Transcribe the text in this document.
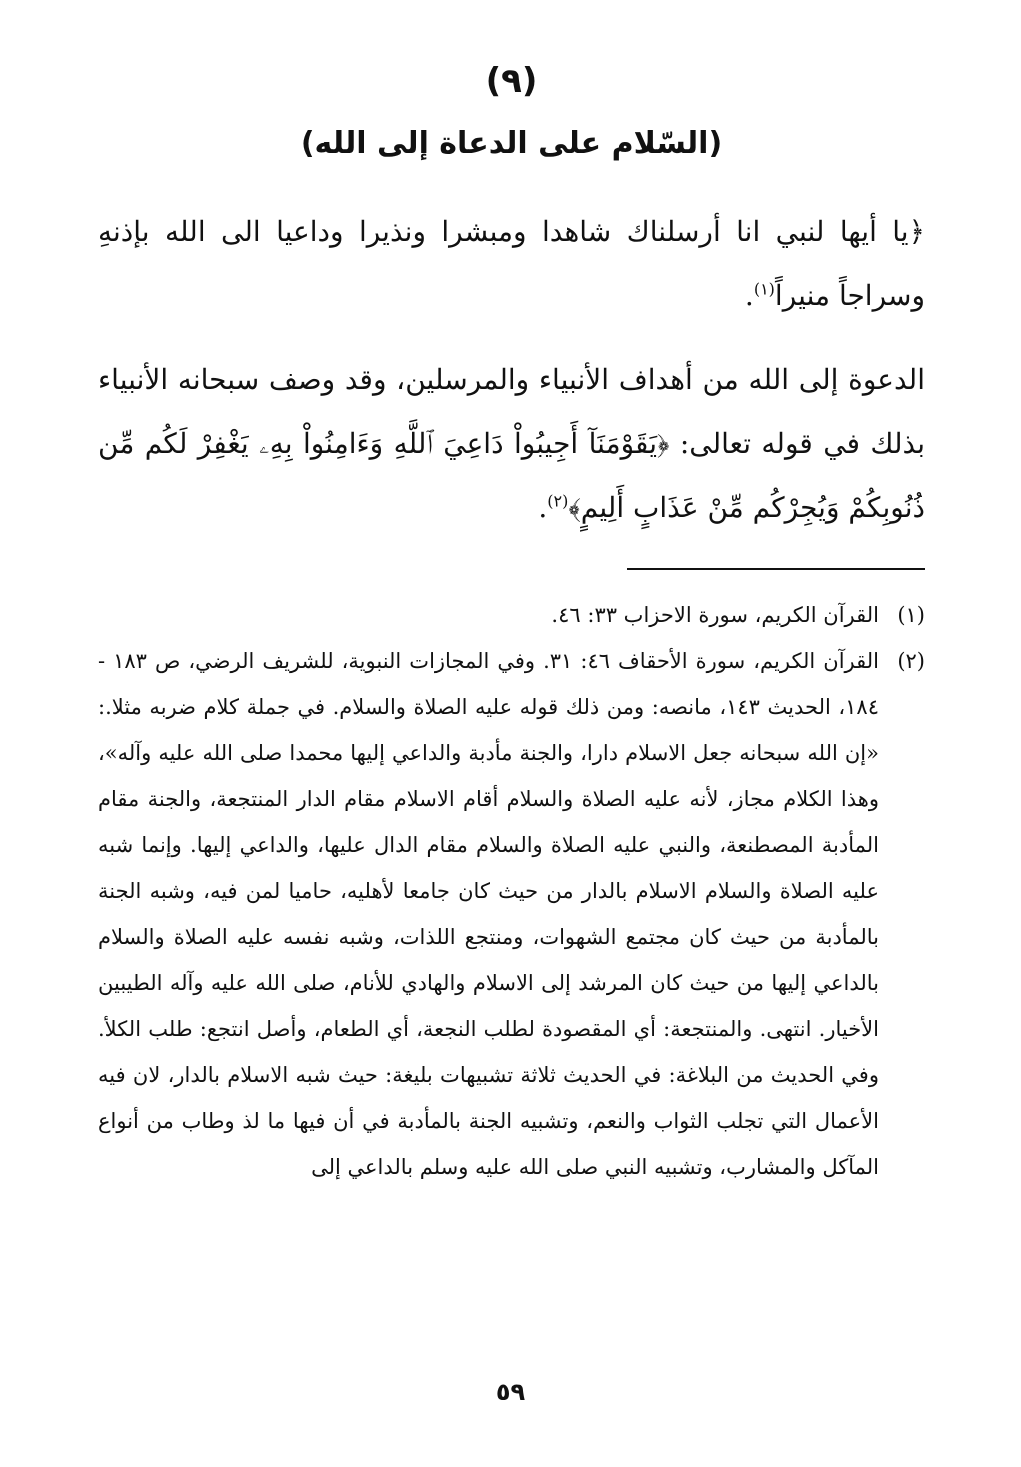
(٩)
(السّلام على الدعاة إلى الله)

﴿يا أيها لنبي انا أرسلناك شاهدا ومبشرا ونذيرا وداعيا الى الله بإذنهِ وسراجاً منيراً$^{(١)}$.

الدعوة إلى الله من أهداف الأنبياء والمرسلين، وقد وصف سبحانه الأنبياء بذلك في قوله تعالى: ﴿يَقَوْمَنَآ أَجِيبُواْ دَاعِيَ ٱللَّهِ وَءَامِنُواْ بِهِۦ يَغْفِرْ لَكُم مِّن ذُنُوبِكُمْ وَيُجِرْكُم مِّنْ عَذَابٍ أَلِيمٍ﴾$^{(٢)}$.

(١)
القرآن الكريم، سورة الاحزاب ٣٣: ٤٦.
(٢)
القرآن الكريم، سورة الأحقاف ٤٦: ٣١. وفي المجازات النبوية، للشريف الرضي، ص ١٨٣ - ١٨٤، الحديث ١٤٣، مانصه: ومن ذلك قوله عليه الصلاة والسلام. في جملة كلام ضربه مثلا.: «إن الله سبحانه جعل الاسلام دارا، والجنة مأدبة والداعي إليها محمدا صلى الله عليه وآله»، وهذا الكلام مجاز، لأنه عليه الصلاة والسلام أقام الاسلام مقام الدار المنتجعة، والجنة مقام المأدبة المصطنعة، والنبي عليه الصلاة والسلام مقام الدال عليها، والداعي إليها. وإنما شبه عليه الصلاة والسلام الاسلام بالدار من حيث كان جامعا لأهليه، حاميا لمن فيه، وشبه الجنة بالمأدبة من حيث كان مجتمع الشهوات، ومنتجع اللذات، وشبه نفسه عليه الصلاة والسلام بالداعي إليها من حيث كان المرشد إلى الاسلام والهادي للأنام، صلى الله عليه وآله الطيبين الأخيار. انتهى. والمنتجعة: أي المقصودة لطلب النجعة، أي الطعام، وأصل انتجع: طلب الكلأ. وفي الحديث من البلاغة: في الحديث ثلاثة تشبيهات بليغة: حيث شبه الاسلام بالدار، لان فيه الأعمال التي تجلب الثواب والنعم، وتشبيه الجنة بالمأدبة في أن فيها ما لذ وطاب من أنواع المآكل والمشارب، وتشبيه النبي صلى الله عليه وسلم بالداعي إلى
٥٩
